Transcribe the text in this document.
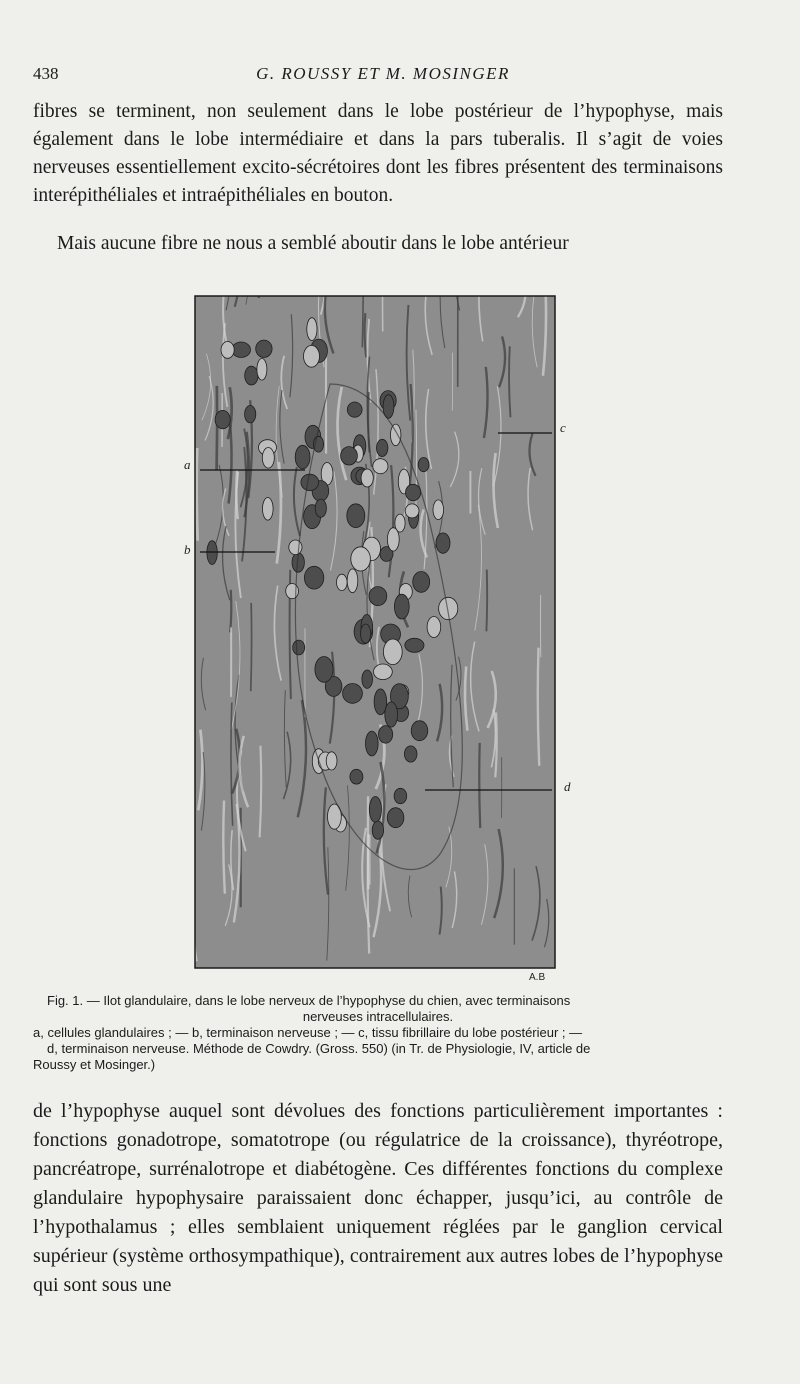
438	G. ROUSSY ET M. MOSINGER

fibres se terminent, non seulement dans le lobe postérieur de l’hypophyse, mais également dans le lobe intermédiaire et dans la pars tuberalis. Il s’agit de voies nerveuses essentiellement excito-sécrétoires dont les fibres présentent des terminaisons interépithéliales et intraépithéliales en bouton.

Mais aucune fibre ne nous a semblé aboutir dans le lobe antérieur

a
b
c
d
A.B
Fig. 1. — Ilot glandulaire, dans le lobe nerveux de l’hypophyse du chien, avec terminaisons
nerveuses intracellulaires.
a, cellules glandulaires ; — b, terminaison nerveuse ; — c, tissu fibrillaire du lobe postérieur ; —
d, terminaison nerveuse. Méthode de Cowdry. (Gross. 550) (in Tr. de Physiologie, IV, article de
Roussy et Mosinger.)

de l’hypophyse auquel sont dévolues des fonctions particulièrement importantes : fonctions gonadotrope, somatotrope (ou régulatrice de la croissance), thyréotrope, pancréatrope, surrénalotrope et diabétogène. Ces différentes fonctions du complexe glandulaire hypophysaire paraissaient donc échapper, jusqu’ici, au contrôle de l’hypothalamus ; elles semblaient uniquement réglées par le ganglion cervical supérieur (système orthosympathique), contrairement aux autres lobes de l’hypophyse qui sont sous une
